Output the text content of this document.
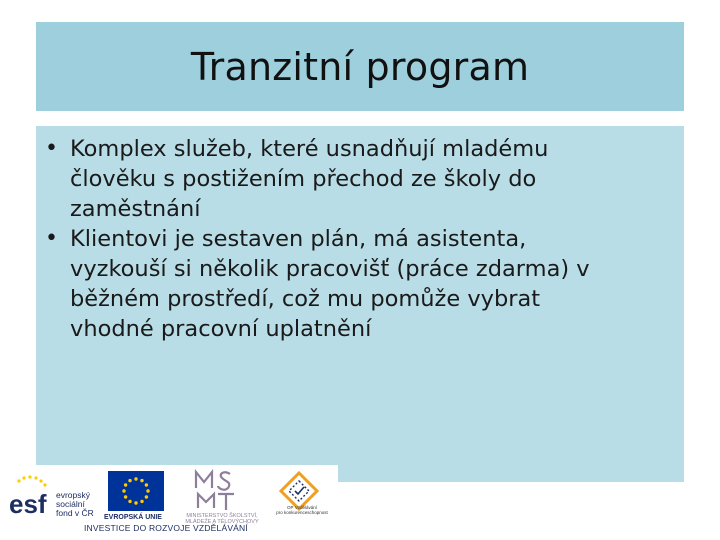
Tranzitní program
• Komplex služeb, které usnadňují mladému
člověku s postižením přechod ze školy do
zaměstnání
• Klientovi je sestaven plán, má asistenta,
vyzkouší si několik pracovišť (práce zdarma) v
běžném prostředí, což mu pomůže vybrat
vhodné pracovní uplatnění
esf evropský
sociální
fond v ČR EVROPSKÁ UNIE	MINISTERSTVO ŠKOLSTVÍ,
MLÁDEŽE A TĚLOVÝCHOVY
OP Vzdělávání
pro konkurenceschopnost
INVESTICE DO ROZVOJE VZDĚLÁVÁNÍ
